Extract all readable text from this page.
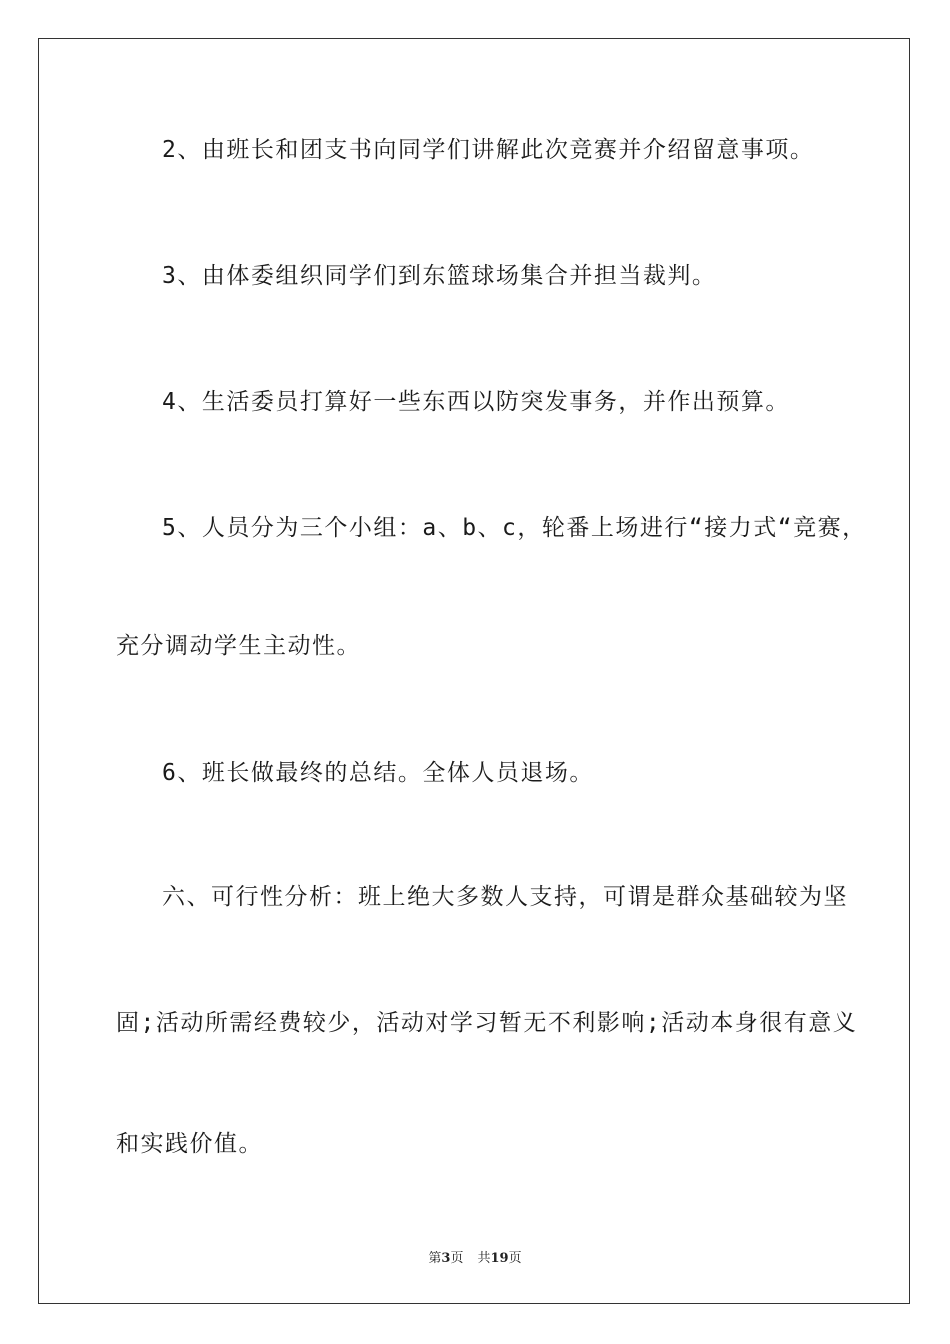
2、由班长和团支书向同学们讲解此次竞赛并介绍留意事项。
3、由体委组织同学们到东篮球场集合并担当裁判。
4、生活委员打算好一些东西以防突发事务，并作出预算。
5、人员分为三个小组：a、b、c，轮番上场进行“接力式“竞赛，
充分调动学生主动性。
6、班长做最终的总结。全体人员退场。
六、可行性分析：班上绝大多数人支持，可谓是群众基础较为坚
固;活动所需经费较少，活动对学习暂无不利影响;活动本身很有意义
和实践价值。
第3页 共19页
